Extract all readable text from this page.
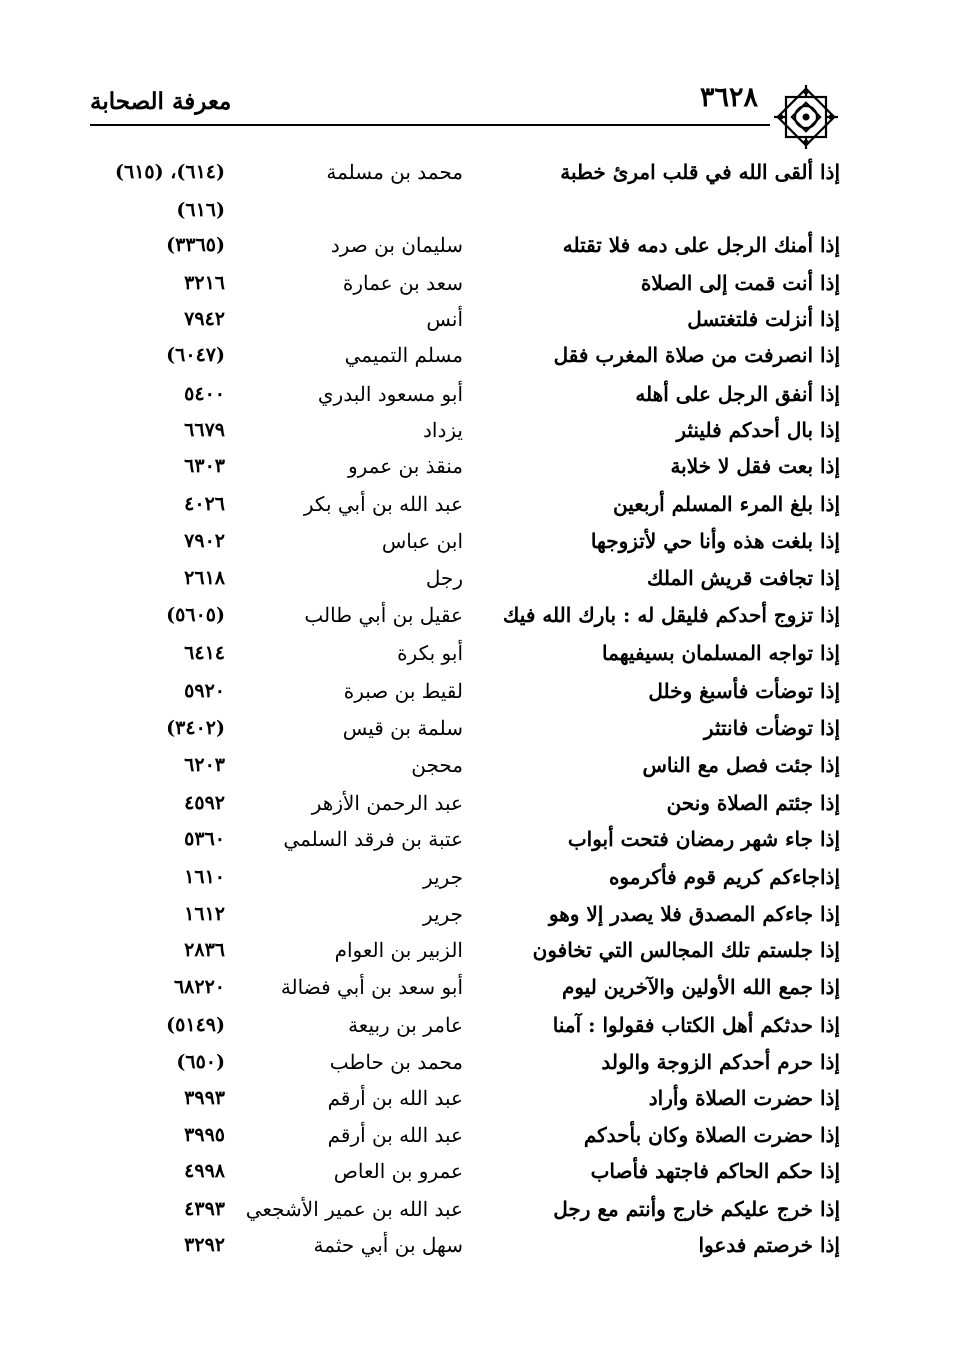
معرفة الصحابة	٣٦٢٨
إذا ألقى الله في قلب امرئ خطبة
محمد بن مسلمة
(٦١٤)، (٦١٥)
(٦١٦)
إذا أمنك الرجل على دمه فلا تقتله
سليمان بن صرد
(٣٣٦٥)
إذا أنت قمت إلى الصلاة
سعد بن عمارة
٣٢١٦
إذا أنزلت فلتغتسل
أنس
٧٩٤٢
إذا انصرفت من صلاة المغرب فقل
مسلم التميمي
(٦٠٤٧)
إذا أنفق الرجل على أهله
أبو مسعود البدري
٥٤٠٠
إذا بال أحدكم فلينثر
يزداد
٦٦٧٩
إذا بعت فقل لا خلابة
منقذ بن عمرو
٦٣٠٣
إذا بلغ المرء المسلم أربعين
عبد الله بن أبي بكر
٤٠٢٦
إذا بلغت هذه وأنا حي لأتزوجها
ابن عباس
٧٩٠٢
إذا تجافت قريش الملك
رجل
٢٦١٨
إذا تزوج أحدكم فليقل له : بارك الله فيك
عقيل بن أبي طالب
(٥٦٠٥)
إذا تواجه المسلمان بسيفيهما
أبو بكرة
٦٤١٤
إذا توضأت فأسبغ وخلل
لقيط بن صبرة
٥٩٢٠
إذا توضأت فانتثر
سلمة بن قيس
(٣٤٠٢)
إذا جئت فصل مع الناس
محجن
٦٢٠٣
إذا جئتم الصلاة ونحن
عبد الرحمن الأزهر
٤٥٩٢
إذا جاء شهر رمضان فتحت أبواب
عتبة بن فرقد السلمي
٥٣٦٠
إذاجاءكم كريم قوم فأكرموه
جرير
١٦١٠
إذا جاءكم المصدق فلا يصدر إلا وهو
جرير
١٦١٢
إذا جلستم تلك المجالس التي تخافون
الزبير بن العوام
٢٨٣٦
إذا جمع الله الأولين والآخرين ليوم
أبو سعد بن أبي فضالة
٦٨٢٢٠
إذا حدثكم أهل الكتاب فقولوا : آمنا
عامر بن ربيعة
(٥١٤٩)
إذا حرم أحدكم الزوجة والولد
محمد بن حاطب
(٦٥٠)
إذا حضرت الصلاة وأراد
عبد الله بن أرقم
٣٩٩٣
إذا حضرت الصلاة وكان بأحدكم
عبد الله بن أرقم
٣٩٩٥
إذا حكم الحاكم فاجتهد فأصاب
عمرو بن العاص
٤٩٩٨
إذا خرج عليكم خارج وأنتم مع رجل
عبد الله بن عمير الأشجعي
٤٣٩٣
إذا خرصتم فدعوا
سهل بن أبي حثمة
٣٢٩٢
